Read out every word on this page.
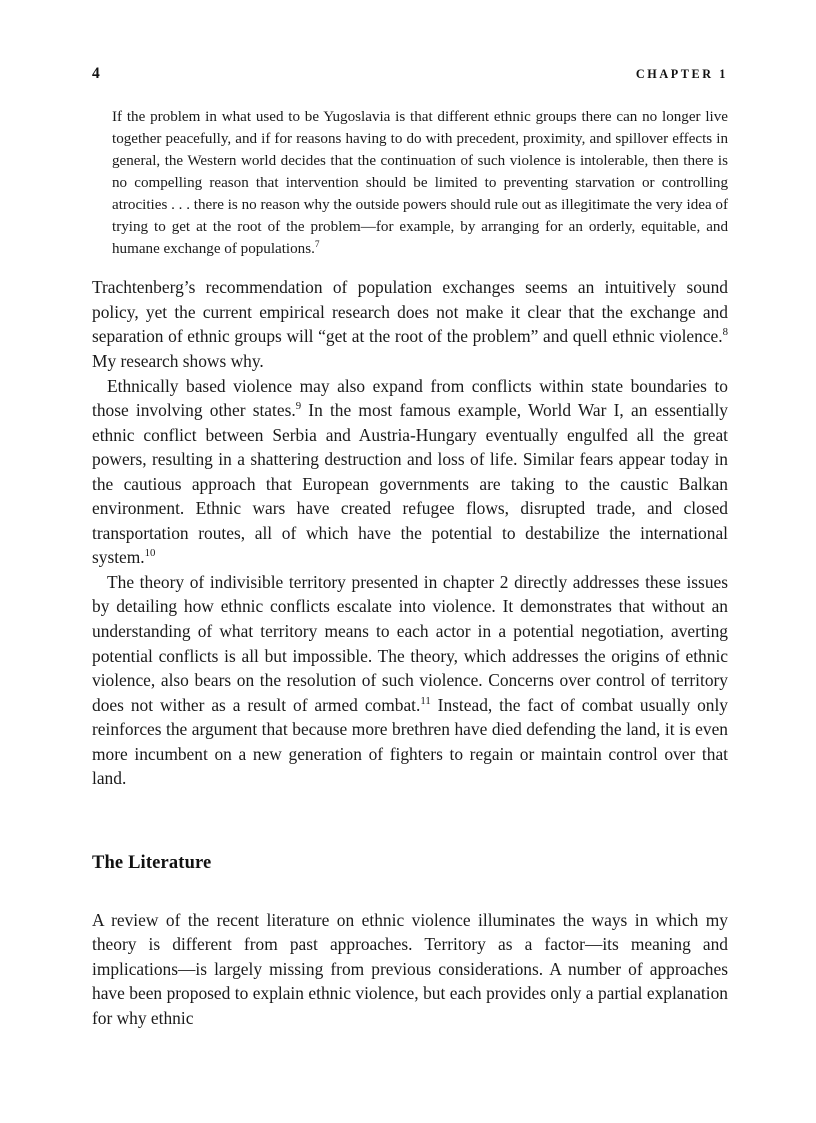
4	CHAPTER 1
If the problem in what used to be Yugoslavia is that different ethnic groups there can no longer live together peacefully, and if for reasons having to do with precedent, proximity, and spillover effects in general, the Western world decides that the continuation of such violence is intolerable, then there is no compelling reason that intervention should be limited to preventing starvation or controlling atrocities . . . there is no reason why the outside powers should rule out as illegitimate the very idea of trying to get at the root of the problem—for example, by arranging for an orderly, equitable, and humane exchange of populations.$^7$

Trachtenberg’s recommendation of population exchanges seems an intuitively sound policy, yet the current empirical research does not make it clear that the exchange and separation of ethnic groups will “get at the root of the problem” and quell ethnic violence.$^8$ My research shows why.

Ethnically based violence may also expand from conflicts within state boundaries to those involving other states.$^9$ In the most famous example, World War I, an essentially ethnic conflict between Serbia and Austria-Hungary eventually engulfed all the great powers, resulting in a shattering destruction and loss of life. Similar fears appear today in the cautious approach that European governments are taking to the caustic Balkan environment. Ethnic wars have created refugee flows, disrupted trade, and closed transportation routes, all of which have the potential to destabilize the international system.$^{10}$

The theory of indivisible territory presented in chapter 2 directly addresses these issues by detailing how ethnic conflicts escalate into violence. It demonstrates that without an understanding of what territory means to each actor in a potential negotiation, averting potential conflicts is all but impossible. The theory, which addresses the origins of ethnic violence, also bears on the resolution of such violence. Concerns over control of territory does not wither as a result of armed combat.$^{11}$ Instead, the fact of combat usually only reinforces the argument that because more brethren have died defending the land, it is even more incumbent on a new generation of fighters to regain or maintain control over that land.

The Literature

A review of the recent literature on ethnic violence illuminates the ways in which my theory is different from past approaches. Territory as a factor—its meaning and implications—is largely missing from previous considerations. A number of approaches have been proposed to explain ethnic violence, but each provides only a partial explanation for why ethnic
